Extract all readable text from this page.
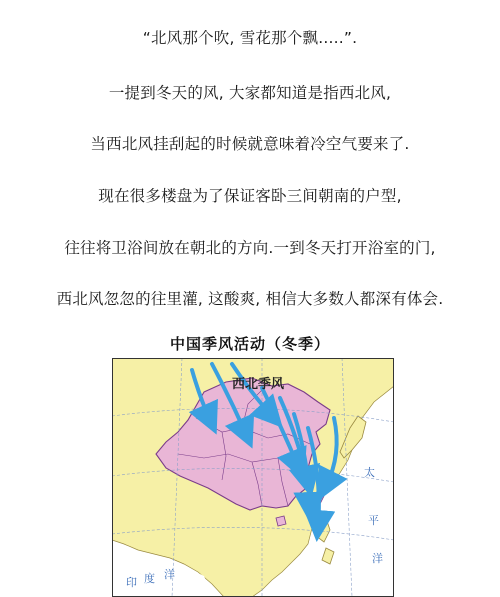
“北风那个吹, 雪花那个飘.....”.
一提到冬天的风, 大家都知道是指西北风,
当西北风挂刮起的时候就意味着冷空气要来了.
现在很多楼盘为了保证客卧三间朝南的户型,
往往将卫浴间放在朝北的方向.一到冬天打开浴室的门,
西北风忽忽的往里灌, 这酸爽, 相信大多数人都深有体会.
中国季风活动（冬季）
西北季风
太
平
洋
印 度 洋
